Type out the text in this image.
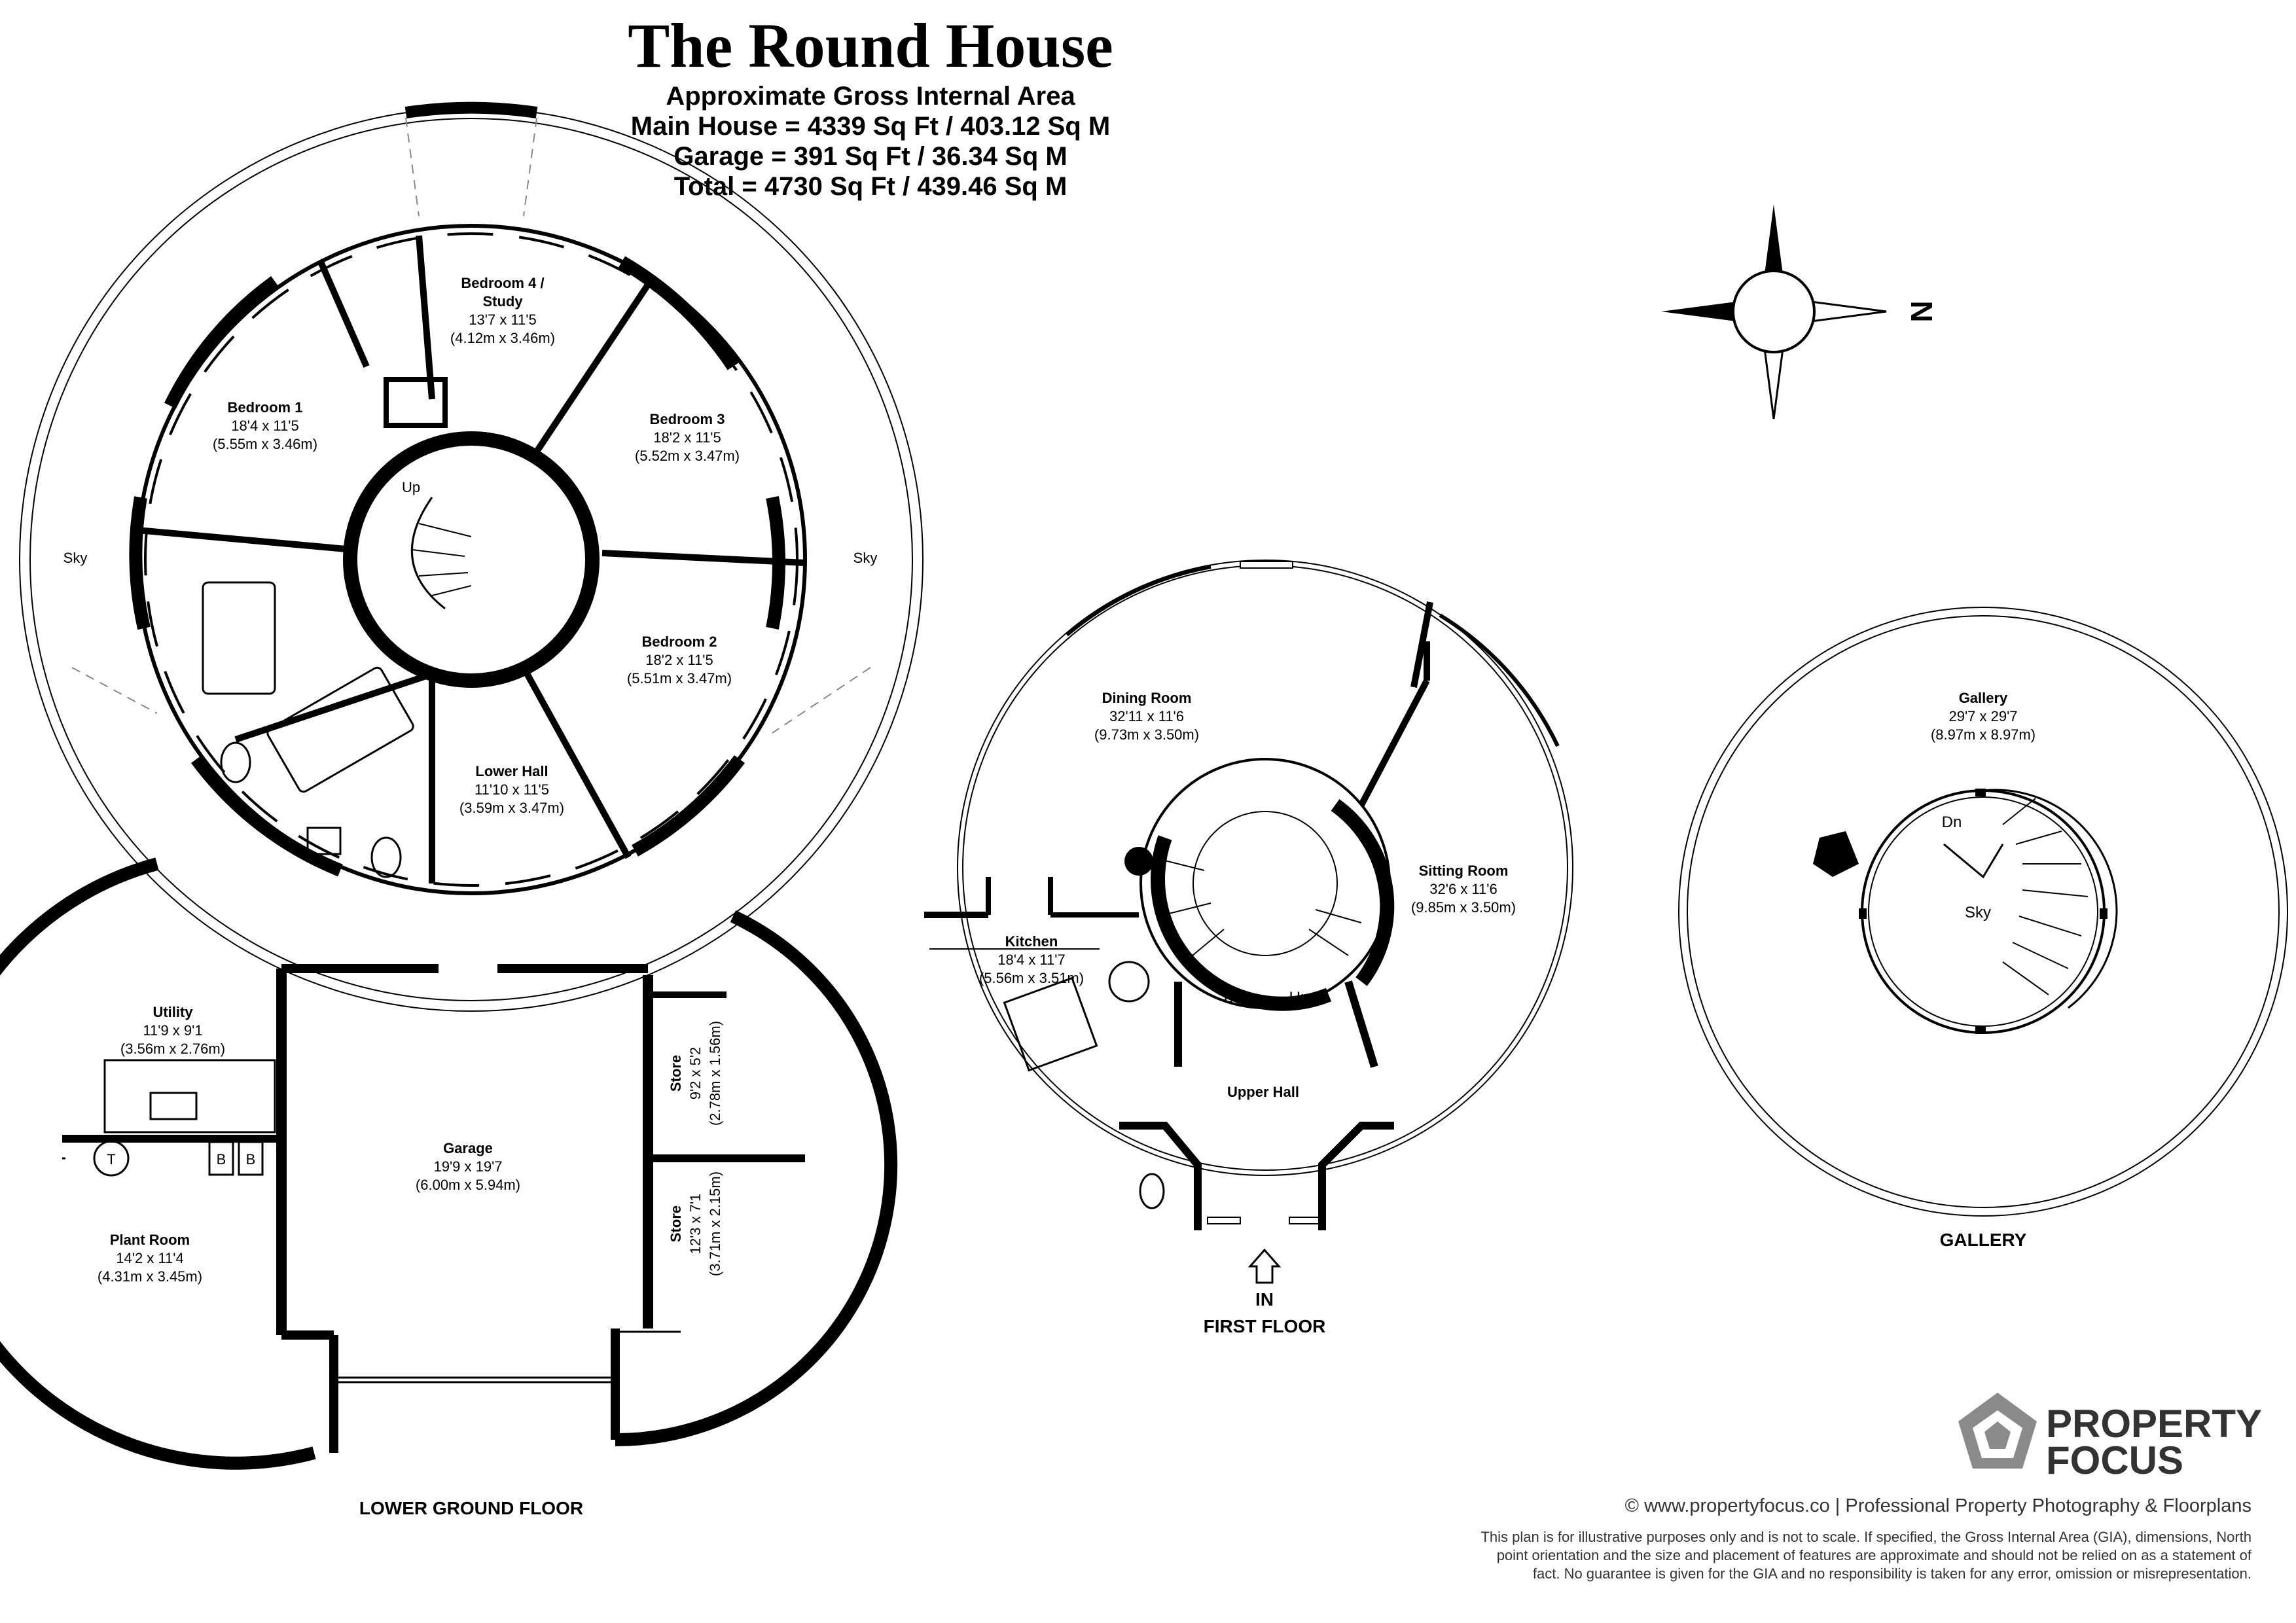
The Round House
Approximate Gross Internal Area
Main House = 4339 Sq Ft / 403.12 Sq M
Garage = 391 Sq Ft / 36.34 Sq M
Total = 4730 Sq Ft / 439.46 Sq M
N
Sky	Sky
Up
T	B B
Bedroom 4 /
Study
13'7 x 11'5
(4.12m x 3.46m)
Bedroom 1
18'4 x 11'5
(5.55m x 3.46m)
Bedroom 3
18'2 x 11'5
(5.52m x 3.47m)
Bedroom 2
18'2 x 11'5
(5.51m x 3.47m)
Lower Hall
11'10 x 11'5
(3.59m x 3.47m)
Utility
11'9 x 9'1
(3.56m x 2.76m)
Garage
19'9 x 19'7
(6.00m x 5.94m)
Plant Room
14'2 x 11'4
(4.31m x 3.45m)
Store 9'2 x 5'2 (2.78m x 1.56m)
Store 12'3 x 7'1 (3.71m x 2.15m)
LOWER GROUND FLOOR
IN
Dn	Up
Dining Room
32'11 x 11'6
(9.73m x 3.50m)
Sitting Room
32'6 x 11'6
(9.85m x 3.50m)
Kitchen
18'4 x 11'7
(5.56m x 3.51m)
Upper Hall
FIRST FLOOR
Gallery
29'7 x 29'7
(8.97m x 8.97m)
Dn
Sky
GALLERY
PROPERTY
FOCUS
© www.propertyfocus.co | Professional Property Photography & Floorplans
This plan is for illustrative purposes only and is not to scale. If specified, the Gross Internal Area (GIA), dimensions, North
point orientation and the size and placement of features are approximate and should not be relied on as a statement of
fact. No guarantee is given for the GIA and no responsibility is taken for any error, omission or misrepresentation.
